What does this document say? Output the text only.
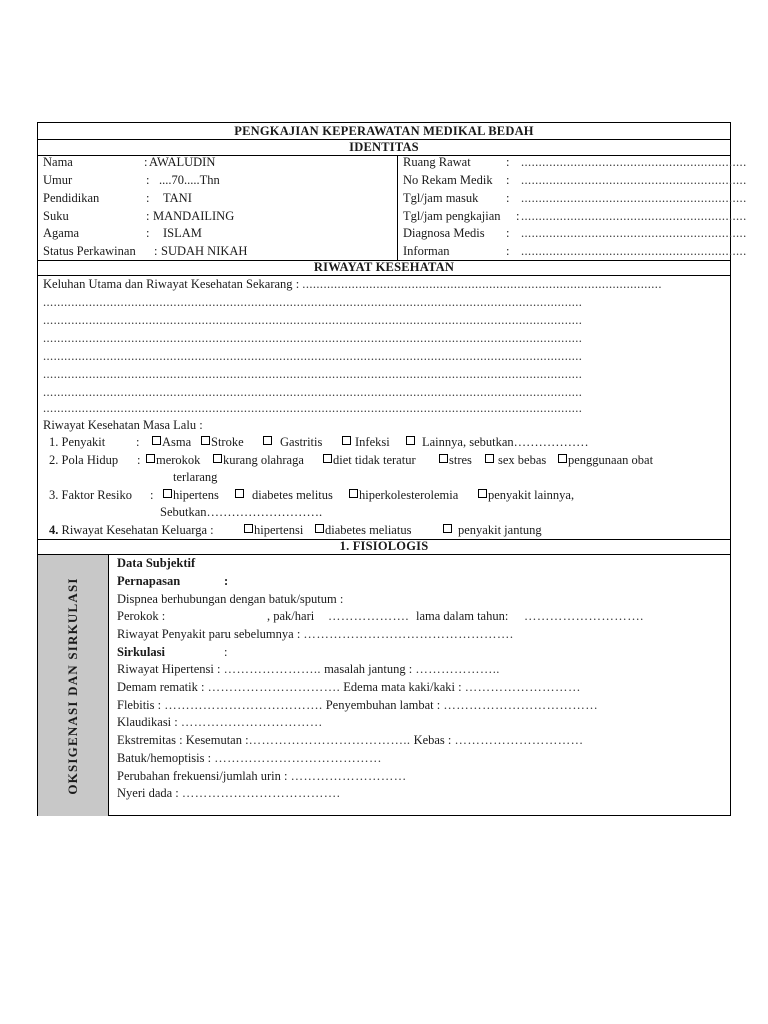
PENGKAJIAN KEPERAWATAN MEDIKAL BEDAH
IDENTITAS
Nama	: AWALUDIN
Umur	: ....70.....Thn
Pendidikan	: TANI
Suku	: MANDAILING
Agama	: ISLAM
Status Perkawinan : SUDAH NIKAH
Ruang Rawat	: ................................................................
No Rekam Medik : ................................................................
Tgl/jam masuk : ................................................................
Tgl/jam pengkajian : ................................................................
Diagnosa Medis : ................................................................
Informan	: ................................................................
RIWAYAT KESEHATAN
Keluhan Utama dan Riwayat Kesehatan Sekarang : ......................................................................................................
.........................................................................................................................................................
.........................................................................................................................................................
.........................................................................................................................................................
.........................................................................................................................................................
.........................................................................................................................................................
.........................................................................................................................................................
.........................................................................................................................................................
Riwayat Kesehatan Masa Lalu :
1. Penyakit :	Asma	Stroke	Gastritis	Infeksi	Lainnya, sebutkan………………
2. Pola Hidup :	merokok	kurang olahraga	diet tidak teratur	stres	sex bebas	penggunaan obat
terlarang
3. Faktor Resiko :	hipertens	diabetes melitus	hiperkolesterolemia	penyakit lainnya,
Sebutkan……………………….
4. Riwayat Kesehatan Keluarga :	hipertensi	diabetes meliatus	penyakit jantung
1. FISIOLOGIS
OKSIGENASI DAN SIRKULASI
Data Subjektif
Pernapasan	:
Dispnea berhubungan dengan batuk/sputum :
Perokok :	, pak/hari ………………. lama dalam tahun: ……………………….
Riwayat Penyakit paru sebelumnya : ………………………………………….
Sirkulasi	:
Riwayat Hipertensi : ………………….. masalah jantung : ………………..
Demam rematik : …………………………. Edema mata kaki/kaki : ………………………
Flebitis : ………………………………. Penyembuhan lambat : ………………………………
Klaudikasi : ……………………………
Ekstremitas : Kesemutan :……………………………….. Kebas : …………………………
Batuk/hemoptisis : …………………………………
Perubahan frekuensi/jumlah urin : ………………………
Nyeri dada : ……………………………….
